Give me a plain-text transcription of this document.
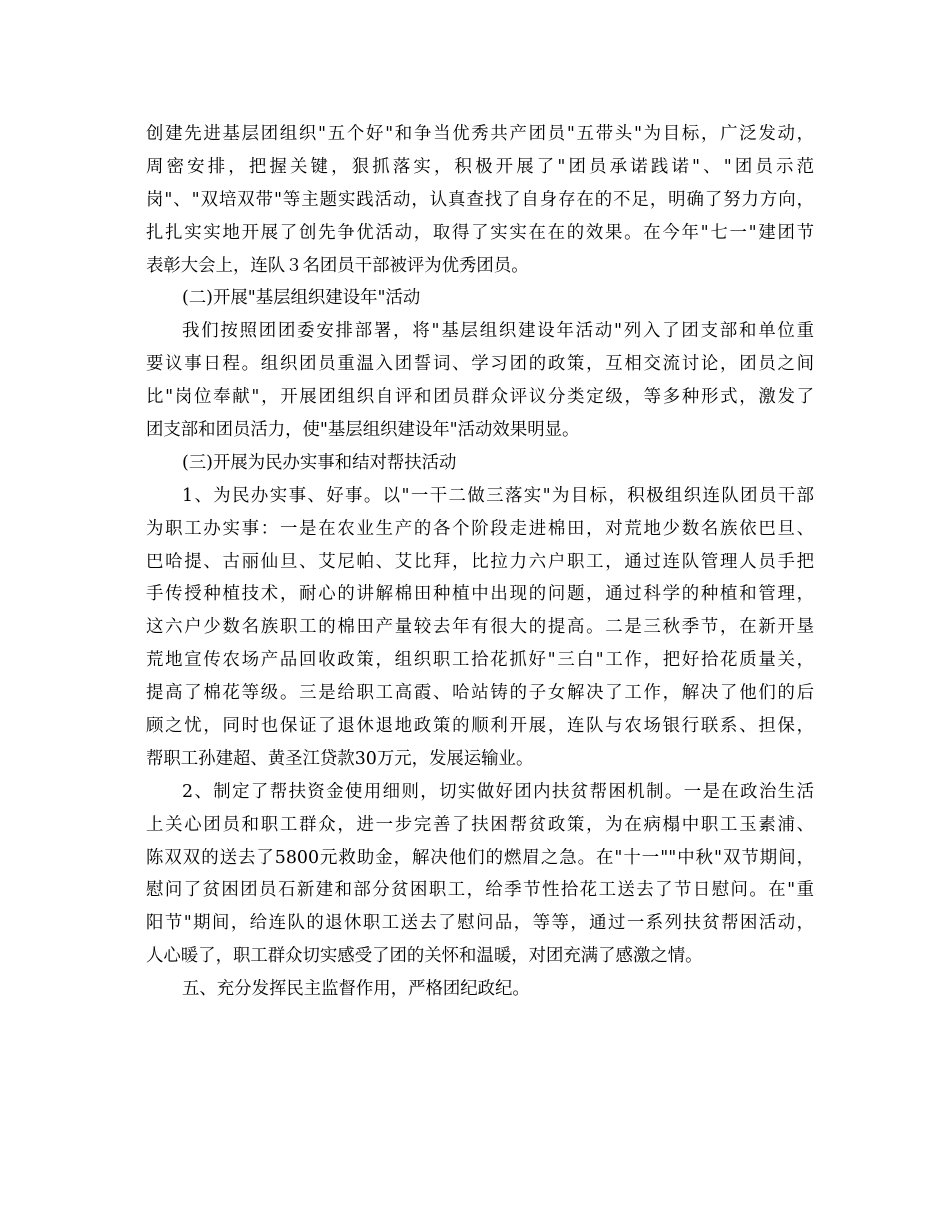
创建先进基层团组织"五个好"和争当优秀共产团员"五带头"为目标，广泛发动，
周密安排，把握关键，狠抓落实，积极开展了"团员承诺践诺"、"团员示范
岗"、"双培双带"等主题实践活动，认真查找了自身存在的不足，明确了努力方向，
扎扎实实地开展了创先争优活动，取得了实实在在的效果。在今年"七一"建团节
表彰大会上，连队３名团员干部被评为优秀团员。
(二)开展"基层组织建设年"活动
我们按照团团委安排部署，将"基层组织建设年活动"列入了团支部和单位重
要议事日程。组织团员重温入团誓词、学习团的政策，互相交流讨论，团员之间
比"岗位奉献"，开展团组织自评和团员群众评议分类定级，等多种形式，激发了
团支部和团员活力，使"基层组织建设年"活动效果明显。
(三)开展为民办实事和结对帮扶活动
1、为民办实事、好事。以"一干二做三落实"为目标，积极组织连队团员干部
为职工办实事：一是在农业生产的各个阶段走进棉田，对荒地少数名族依巴旦、
巴哈提、古丽仙旦、艾尼帕、艾比拜，比拉力六户职工，通过连队管理人员手把
手传授种植技术，耐心的讲解棉田种植中出现的问题，通过科学的种植和管理，
这六户少数名族职工的棉田产量较去年有很大的提高。二是三秋季节，在新开垦
荒地宣传农场产品回收政策，组织职工拾花抓好"三白"工作，把好拾花质量关，
提高了棉花等级。三是给职工高霞、哈站铸的子女解决了工作，解决了他们的后
顾之忧，同时也保证了退休退地政策的顺利开展，连队与农场银行联系、担保，
帮职工孙建超、黄圣江贷款30万元，发展运输业。
2、制定了帮扶资金使用细则，切实做好团内扶贫帮困机制。一是在政治生活
上关心团员和职工群众，进一步完善了扶困帮贫政策，为在病榻中职工玉素浦、
陈双双的送去了5800元救助金，解决他们的燃眉之急。在"十一""中秋"双节期间，
慰问了贫困团员石新建和部分贫困职工，给季节性拾花工送去了节日慰问。在"重
阳节"期间，给连队的退休职工送去了慰问品，等等，通过一系列扶贫帮困活动，
人心暖了，职工群众切实感受了团的关怀和温暖，对团充满了感激之情。
五、充分发挥民主监督作用，严格团纪政纪。
